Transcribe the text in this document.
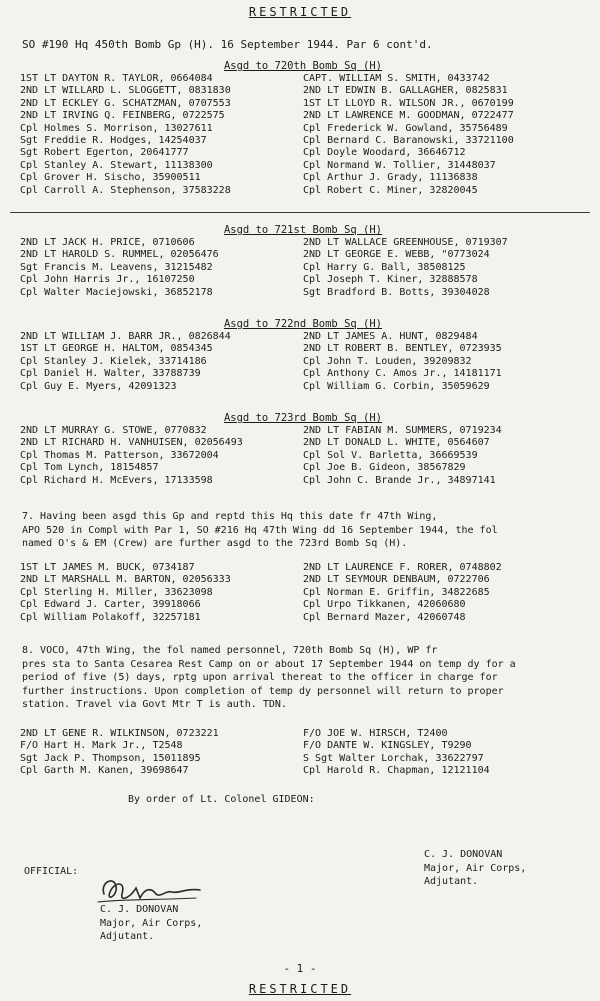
RESTRICTED
SO #190 Hq 450th Bomb Gp (H). 16 September 1944. Par 6 cont'd.
Asgd to 720th Bomb Sq (H)
1ST LT DAYTON R. TAYLOR, 0664084
2ND LT WILLARD L. SLOGGETT, 0831830
2ND LT ECKLEY G. SCHATZMAN, 0707553
2ND LT IRVING Q. FEINBERG, 0722575
Cpl Holmes S. Morrison, 13027611
Sgt Freddie R. Hodges, 14254037
Sgt Robert Egerton, 20641777
Cpl Stanley A. Stewart, 11138300
Cpl Grover H. Sischo, 35900511
Cpl Carroll A. Stephenson, 37583228
CAPT. WILLIAM S. SMITH, 0433742
2ND LT EDWIN B. GALLAGHER, 0825831
1ST LT LLOYD R. WILSON JR., 0670199
2ND LT LAWRENCE M. GOODMAN, 0722477
Cpl Frederick W. Gowland, 35756489
Cpl Bernard C. Baranowski, 33721100
Cpl Doyle Woodard, 36646712
Cpl Normand W. Tollier, 31448037
Cpl Arthur J. Grady, 11136838
Cpl Robert C. Miner, 32820045
Asgd to 721st Bomb Sq (H)
2ND LT JACK H. PRICE, 0710606
2ND LT HAROLD S. RUMMEL, 02056476
Sgt Francis M. Leavens, 31215482
Cpl John Harris Jr., 16107250
Cpl Walter Maciejowski, 36852178
2ND LT WALLACE GREENHOUSE, 0719307
2ND LT GEORGE E. WEBB, "0773024
Cpl Harry G. Ball, 38508125
Cpl Joseph T. Kiner, 32888578
Sgt Bradford B. Botts, 39304028
Asgd to 722nd Bomb Sq (H)
2ND LT WILLIAM J. BARR JR., 0826844
1ST LT GEORGE H. HALTOM, 0854345
Cpl Stanley J. Kielek, 33714186
Cpl Daniel H. Walter, 33788739
Cpl Guy E. Myers, 42091323
2ND LT JAMES A. HUNT, 0829484
2ND LT ROBERT B. BENTLEY, 0723935
Cpl John T. Louden, 39209832
Cpl Anthony C. Amos Jr., 14181171
Cpl William G. Corbin, 35059629
Asgd to 723rd Bomb Sq (H)
2ND LT MURRAY G. STOWE, 0770832
2ND LT RICHARD H. VANHUISEN, 02056493
Cpl Thomas M. Patterson, 33672004
Cpl Tom Lynch, 18154857
Cpl Richard H. McEvers, 17133598
2ND LT FABIAN M. SUMMERS, 0719234
2ND LT DONALD L. WHITE, 0564607
Cpl Sol V. Barletta, 36669539
Cpl Joe B. Gideon, 38567829
Cpl John C. Brande Jr., 34897141
7. Having been asgd this Gp and reptd this Hq this date fr 47th Wing,
APO 520 in Compl with Par 1, SO #216 Hq 47th Wing dd 16 September 1944, the fol
named O's & EM (Crew) are further asgd to the 723rd Bomb Sq (H).
1ST LT JAMES M. BUCK, 0734187
2ND LT MARSHALL M. BARTON, 02056333
Cpl Sterling H. Miller, 33623098
Cpl Edward J. Carter, 39918066
Cpl William Polakoff, 32257181
2ND LT LAURENCE F. RORER, 0748802
2ND LT SEYMOUR DENBAUM, 0722706
Cpl Norman E. Griffin, 34822685
Cpl Urpo Tikkanen, 42060680
Cpl Bernard Mazer, 42060748
8. VOCO, 47th Wing, the fol named personnel, 720th Bomb Sq (H), WP fr
pres sta to Santa Cesarea Rest Camp on or about 17 September 1944 on temp dy for a
period of five (5) days, rptg upon arrival thereat to the officer in charge for
further instructions. Upon completion of temp dy personnel will return to proper
station. Travel via Govt Mtr T is auth. TDN.
2ND LT GENE R. WILKINSON, 0723221
F/O Hart H. Mark Jr., T2548
Sgt Jack P. Thompson, 15011895
Cpl Garth M. Kanen, 39698647
F/O JOE W. HIRSCH, T2400
F/O DANTE W. KINGSLEY, T9290
S Sgt Walter Lorchak, 33622797
Cpl Harold R. Chapman, 12121104
By order of Lt. Colonel GIDEON:
C. J. DONOVAN
Major, Air Corps,
Adjutant.
OFFICIAL:
C. J. DONOVAN
Major, Air Corps,
Adjutant.
- 1 -
RESTRICTED
